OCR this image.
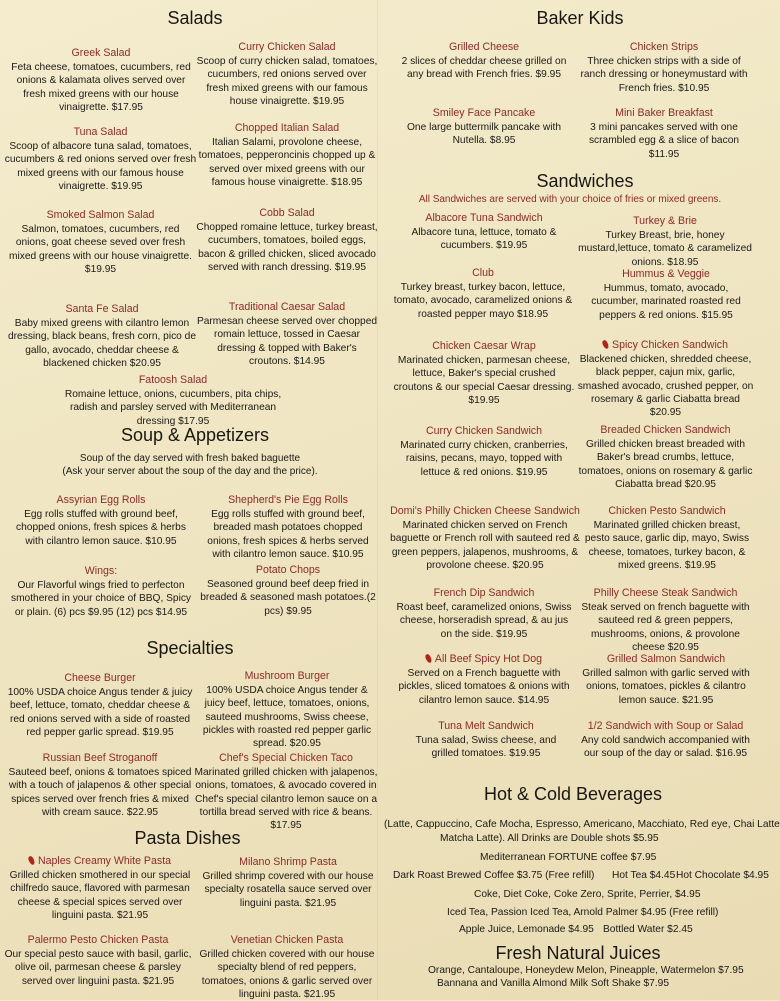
Salads
Greek Salad
Feta cheese, tomatoes, cucumbers, red onions & kalamata olives served over fresh mixed greens with our house vinaigrette. $17.95
Curry Chicken Salad
Scoop of curry chicken salad, tomatoes, cucumbers, red onions served over fresh mixed greens with our famous house vinaigrette. $19.95
Tuna Salad
Scoop of albacore tuna salad, tomatoes, cucumbers & red onions served over fresh mixed greens with our famous house vinaigrette. $19.95
Chopped Italian Salad
Italian Salami, provolone cheese, tomatoes, pepperoncinis chopped up & served over mixed greens with our famous house vinaigrette. $18.95
Smoked Salmon Salad
Salmon, tomatoes, cucumbers, red onions, goat cheese seved over fresh mixed greens with our house vinaigrette. $19.95
Cobb Salad
Chopped romaine lettuce, turkey breast, cucumbers, tomatoes, boiled eggs, bacon & grilled chicken, sliced avocado served with ranch dressing. $19.95
Santa Fe Salad
Baby mixed greens with cilantro lemon dressing, black beans, fresh corn, pico de gallo, avocado, cheddar cheese & blackened chicken $20.95
Traditional Caesar Salad
Parmesan cheese served over chopped romain lettuce, tossed in Caesar dressing & topped with Baker's croutons. $14.95
Fatoosh Salad
Romaine lettuce, onions, cucumbers, pita chips, radish and parsley served with Mediterranean dressing $17.95
Soup & Appetizers
Soup of the day served with fresh baked baguette
(Ask your server about the soup of the day and the price).
Assyrian Egg Rolls
Egg rolls stuffed with ground beef, chopped onions, fresh spices & herbs with cilantro lemon sauce. $10.95
Shepherd's Pie Egg Rolls
Egg rolls stuffed with ground beef, breaded mash potatoes chopped onions, fresh spices & herbs served with cilantro lemon sauce. $10.95
Wings:
Our Flavorful wings fried to perfecton smothered in your choice of BBQ, Spicy or plain. (6) pcs $9.95 (12) pcs $14.95
Potato Chops
Seasoned ground beef deep fried in breaded & seasoned mash potatoes.(2 pcs) $9.95
Specialties
Cheese Burger
100% USDA choice Angus tender & juicy beef, lettuce, tomato, cheddar cheese & red onions served with a side of roasted red pepper garlic spread. $19.95
Mushroom Burger
100% USDA choice Angus tender & juicy beef, lettuce, tomatoes, onions, sauteed mushrooms, Swiss cheese, pickles with roasted red pepper garlic spread. $20.95
Russian Beef Stroganoff
Sauteed beef, onions & tomatoes spiced with a touch of jalapenos & other special spices served over french fries & mixed with cream sauce. $22.95
Chef's Special Chicken Taco
Marinated grilled chicken with jalapenos, onions, tomatoes, & avocado covered in Chef's special cilantro lemon sauce on a tortilla bread served with rice & beans. $17.95
Pasta Dishes
Naples Creamy White Pasta
Grilled chicken smothered in our special chilfredo sauce, flavored with parmesan cheese & special spices served over linguini pasta. $21.95
Milano Shrimp Pasta
Grilled shrimp covered with our house specialty rosatella sauce served over linguini pasta. $21.95
Palermo Pesto Chicken Pasta
Our special pesto sauce with basil, garlic, olive oil, parmesan cheese & parsley served over linguini pasta. $21.95
Venetian Chicken Pasta
Grilled chicken covered with our house specialty blend of red peppers, tomatoes, onions & garlic served over linguini pasta. $21.95
Baker Kids
Grilled Cheese
2 slices of cheddar cheese grilled on any bread with French fries. $9.95
Chicken Strips
Three chicken strips with a side of ranch dressing or honeymustard with French fries. $10.95
Smiley Face Pancake
One large buttermilk pancake with Nutella. $8.95
Mini Baker Breakfast
3 mini pancakes served with one scrambled egg & a slice of bacon $11.95
Sandwiches
All Sandwiches are served with your choice of fries or mixed greens.
Albacore Tuna Sandwich
Albacore tuna, lettuce, tomato & cucumbers. $19.95
Turkey & Brie
Turkey Breast, brie, honey mustard,lettuce, tomato & caramelized onions. $18.95
Club
Turkey breast, turkey bacon, lettuce, tomato, avocado, caramelized onions & roasted pepper mayo $18.95
Hummus & Veggie
Hummus, tomato, avocado, cucumber, marinated roasted red peppers & red onions. $15.95
Chicken Caesar Wrap
Marinated chicken, parmesan cheese, lettuce, Baker's special crushed croutons & our special Caesar dressing. $19.95
Spicy Chicken Sandwich
Blackened chicken, shredded cheese, black pepper, cajun mix, garlic, smashed avocado, crushed pepper, on rosemary & garlic Ciabatta bread $20.95
Curry Chicken Sandwich
Marinated curry chicken, cranberries, raisins, pecans, mayo, topped with lettuce & red onions. $19.95
Breaded Chicken Sandwich
Grilled chicken breast breaded with Baker's bread crumbs, lettuce, tomatoes, onions on rosemary & garlic Ciabatta bread $20.95
Domi's Philly Chicken Cheese Sandwich
Marinated chicken served on French baguette or French roll with sauteed red & green peppers, jalapenos, mushrooms, & provolone cheese. $20.95
Chicken Pesto Sandwich
Marinated grilled chicken breast, pesto sauce, garlic dip, mayo, Swiss cheese, tomatoes, turkey bacon, & mixed greens. $19.95
French Dip Sandwich
Roast beef, caramelized onions, Swiss cheese, horseradish spread, & au jus on the side. $19.95
Philly Cheese Steak Sandwich
Steak served on french baguette with sauteed red & green peppers, mushrooms, onions, & provolone cheese $20.95
All Beef Spicy Hot Dog
Served on a French baguette with pickles, sliced tomatoes & onions with cilantro lemon sauce. $14.95
Grilled Salmon Sandwich
Grilled salmon with garlic served with onions, tomatoes, pickles & cilantro lemon sauce. $21.95
Tuna Melt Sandwich
Tuna salad, Swiss cheese, and grilled tomatoes. $19.95
1/2 Sandwich with Soup or Salad
Any cold sandwich accompanied with our soup of the day or salad. $16.95
Hot & Cold Beverages
(Latte, Cappuccino, Cafe Mocha, Espresso, Americano, Macchiato, Red eye, Chai Latte
Matcha Latte). All Drinks are Double shots $5.95
Mediterranean FORTUNE coffee $7.95
Dark Roast Brewed Coffee $3.75 (Free refill) Hot Tea $4.45 Hot Chocolate $4.95
Coke, Diet Coke, Coke Zero, Sprite, Perrier, $4.95
Iced Tea, Passion Iced Tea, Arnold Palmer $4.95 (Free refill)
Apple Juice, Lemonade $4.95 Bottled Water $2.45
Fresh Natural Juices
Orange, Cantaloupe, Honeydew Melon, Pineapple, Watermelon $7.95
Bannana and Vanilla Almond Milk Soft Shake $7.95
